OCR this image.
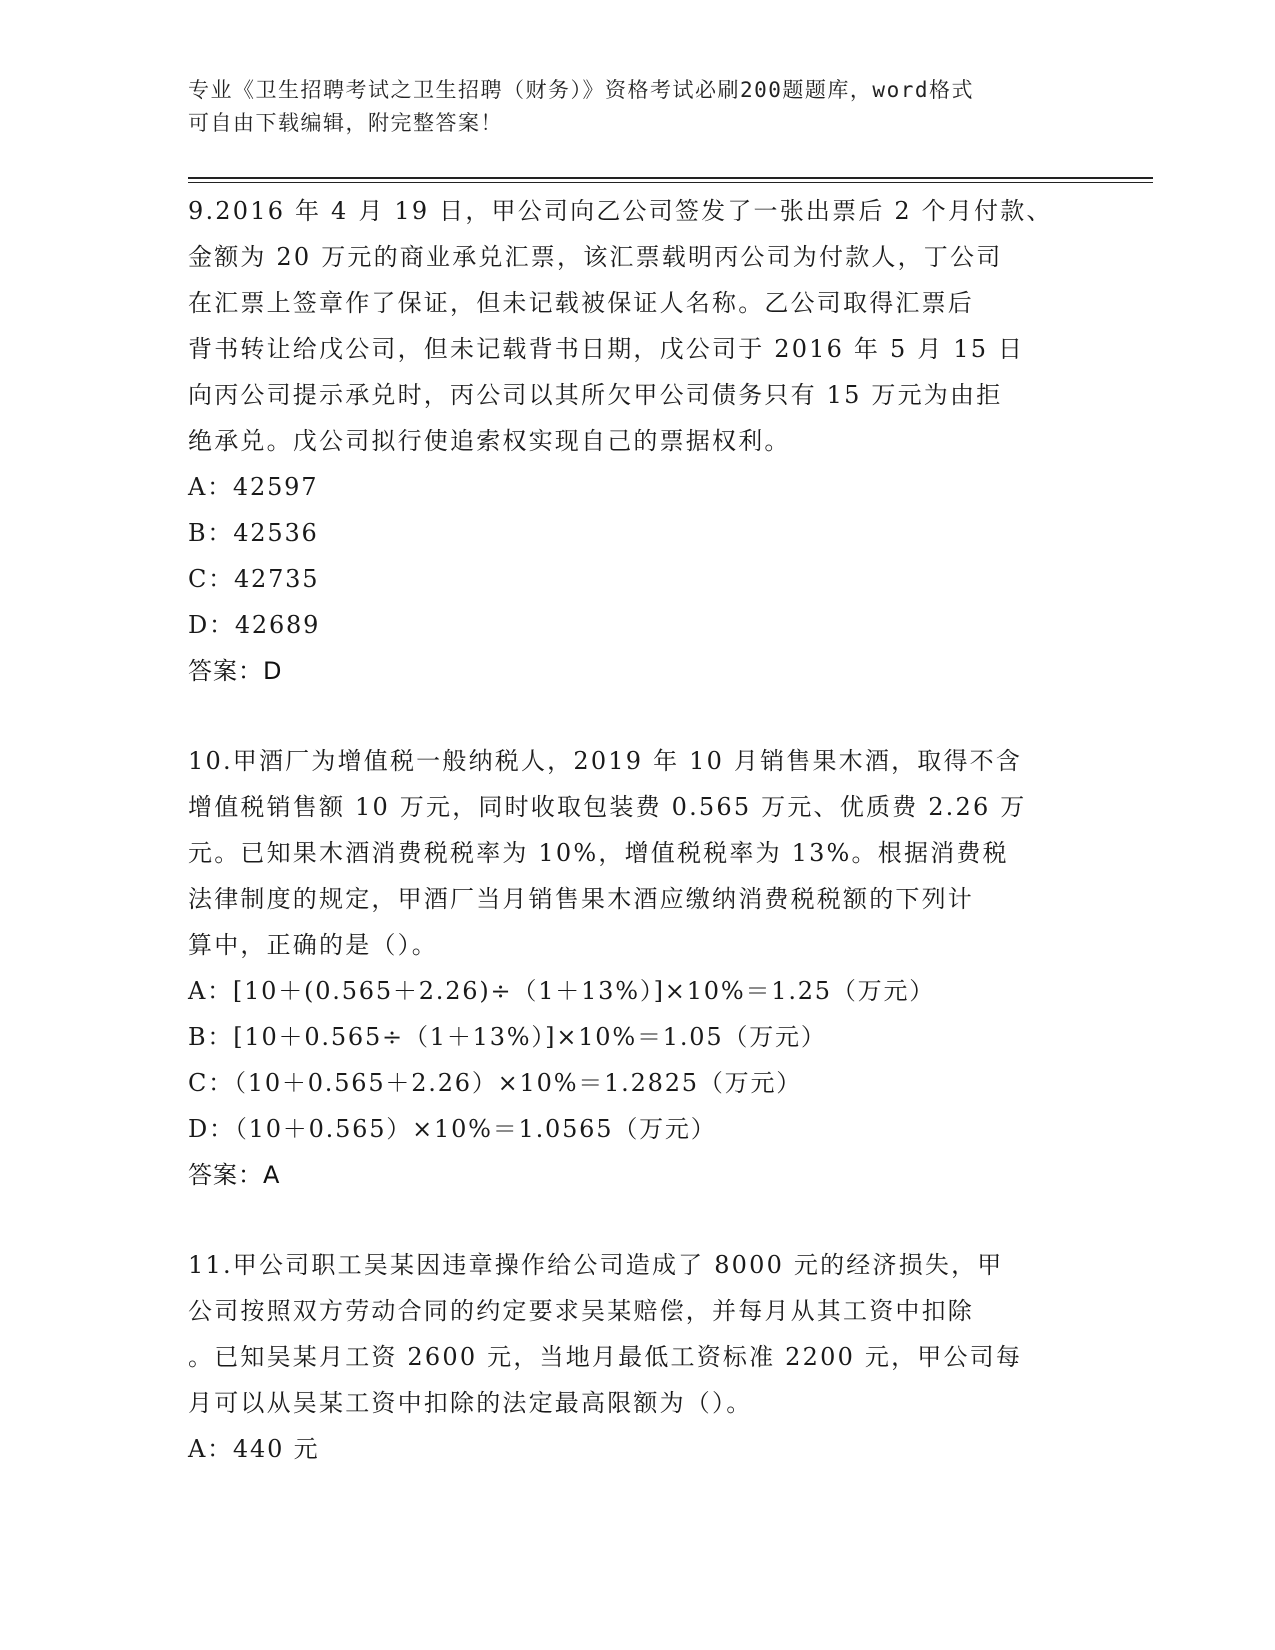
专业《卫生招聘考试之卫生招聘（财务）》资格考试必刷200题题库，word格式
可自由下载编辑，附完整答案！

9.2016 年 4 月 19 日，甲公司向乙公司签发了一张出票后 2 个月付款、
金额为 20 万元的商业承兑汇票，该汇票载明丙公司为付款人，丁公司
在汇票上签章作了保证，但未记载被保证人名称。乙公司取得汇票后
背书转让给戊公司，但未记载背书日期，戊公司于 2016 年 5 月 15 日
向丙公司提示承兑时，丙公司以其所欠甲公司债务只有 15 万元为由拒
绝承兑。戊公司拟行使追索权实现自己的票据权利。

A：42597
B：42536
C：42735
D：42689

答案：D

10.甲酒厂为增值税一般纳税人，2019 年 10 月销售果木酒，取得不含
增值税销售额 10 万元，同时收取包装费 0.565 万元、优质费 2.26 万
元。已知果木酒消费税税率为 10%，增值税税率为 13%。根据消费税
法律制度的规定，甲酒厂当月销售果木酒应缴纳消费税税额的下列计
算中，正确的是（）。

A：[10＋(0.565＋2.26)÷（1＋13%）]×10%＝1.25（万元）
B：[10＋0.565÷（1＋13%）]×10%＝1.05（万元）
C：（10＋0.565＋2.26）×10%＝1.2825（万元）
D：（10＋0.565）×10%＝1.0565（万元）

答案：A

11.甲公司职工吴某因违章操作给公司造成了 8000 元的经济损失，甲
公司按照双方劳动合同的约定要求吴某赔偿，并每月从其工资中扣除
。已知吴某月工资 2600 元，当地月最低工资标准 2200 元，甲公司每
月可以从吴某工资中扣除的法定最高限额为（）。

A：440 元
